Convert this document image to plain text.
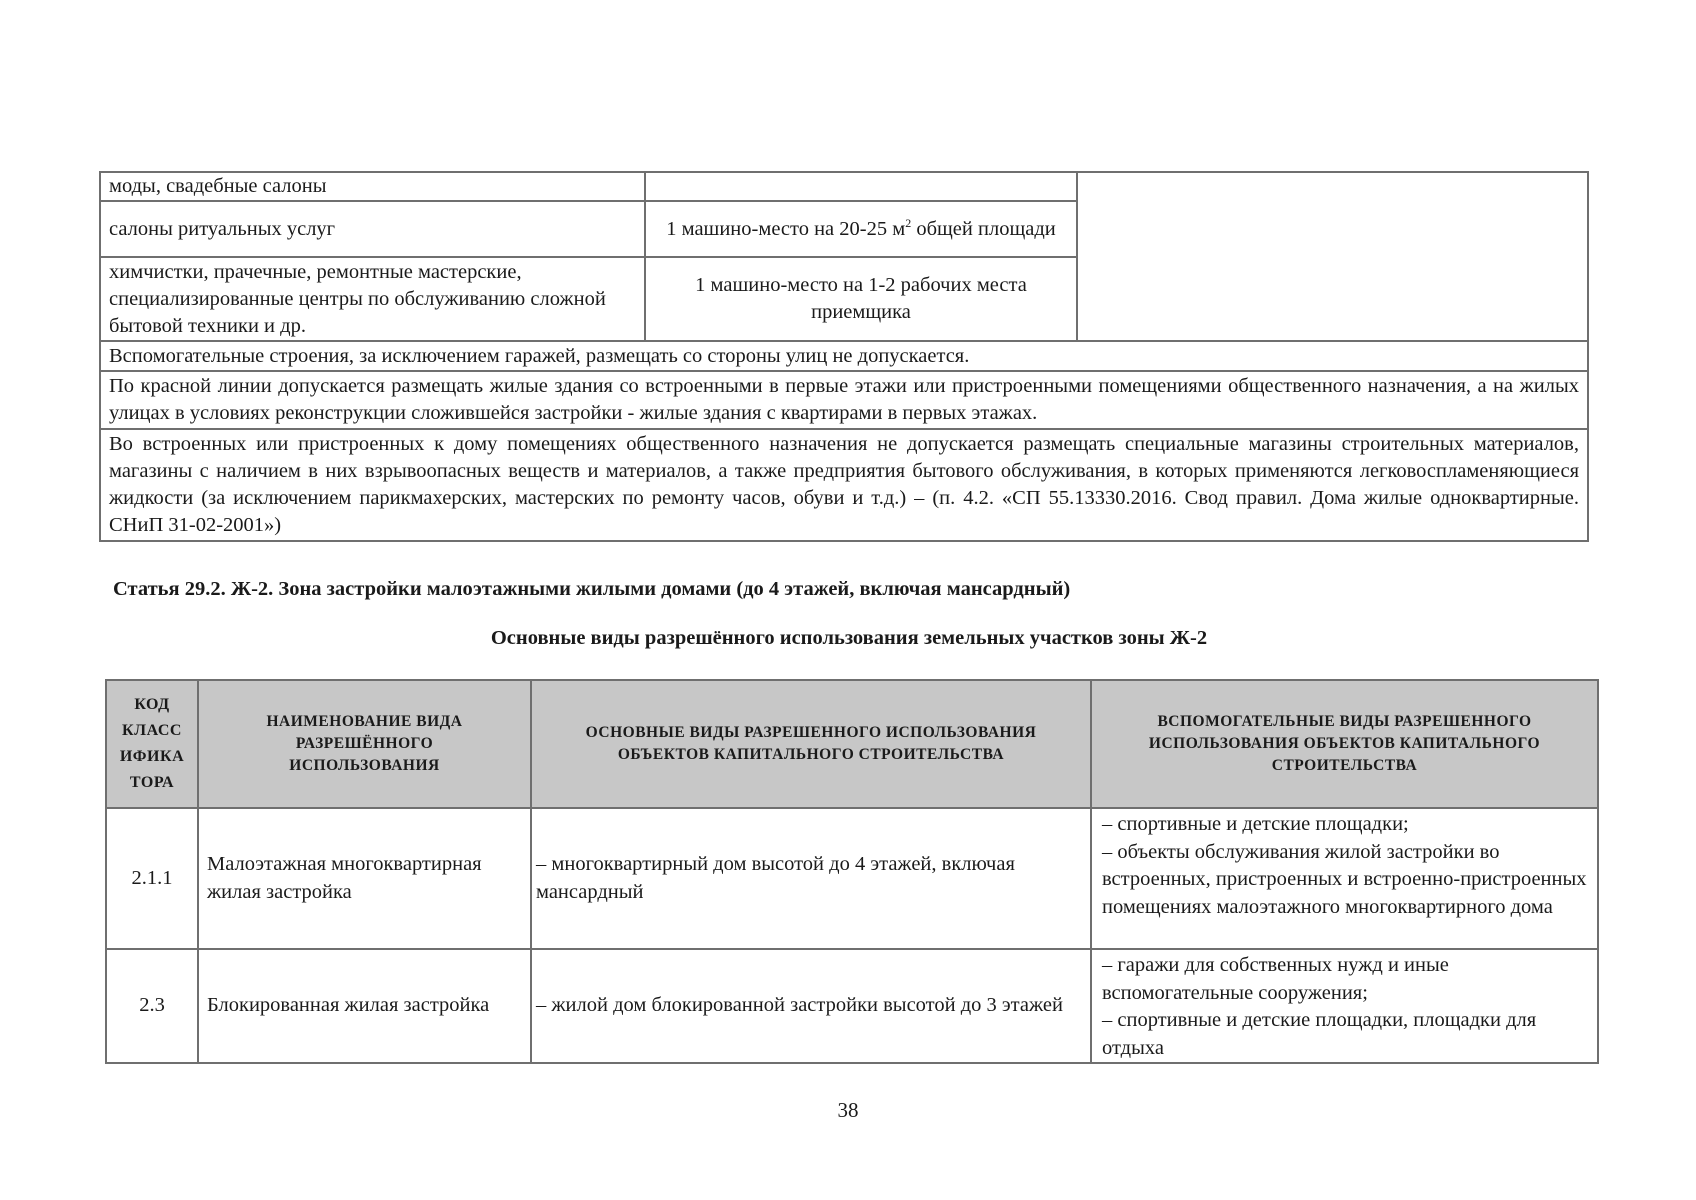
моды, свадебные салоны		
салоны ритуальных услуг	1 машино-место на 20-25 $м^2$ общей площади	
химчистки, прачечные, ремонтные мастерские, специализированные центры по обслуживанию сложной бытовой техники и др.	1 машино-место на 1-2 рабочих места приемщика	
Вспомогательные строения, за исключением гаражей, размещать со стороны улиц не допускается.		
По красной линии допускается размещать жилые здания со встроенными в первые этажи или пристроенными помещениями общественного назначения, а на жилых улицах в условиях реконструкции сложившейся застройки - жилые здания с квартирами в первых этажах.		
Во встроенных или пристроенных к дому помещениях общественного назначения не допускается размещать специальные магазины строительных материалов, магазины с наличием в них взрывоопасных веществ и материалов, а также предприятия бытового обслуживания, в которых применяются легковоспламеняющиеся жидкости (за исключением парикмахерских, мастерских по ремонту часов, обуви и т.д.) – (п. 4.2. «СП 55.13330.2016. Свод правил. Дома жилые одноквартирные. СНиП 31-02-2001»)		

Статья 29.2. Ж-2. Зона застройки малоэтажными жилыми домами (до 4 этажей, включая мансардный)

Основные виды разрешённого использования земельных участков зоны Ж-2

КОД
КЛАСС
ИФИКА
ТОРА	НАИМЕНОВАНИЕ ВИДА РАЗРЕШЁННОГО ИСПОЛЬЗОВАНИЯ	ОСНОВНЫЕ ВИДЫ РАЗРЕШЕННОГО ИСПОЛЬЗОВАНИЯ ОБЪЕКТОВ КАПИТАЛЬНОГО СТРОИТЕЛЬСТВА	ВСПОМОГАТЕЛЬНЫЕ ВИДЫ РАЗРЕШЕННОГО ИСПОЛЬЗОВАНИЯ ОБЪЕКТОВ КАПИТАЛЬНОГО СТРОИТЕЛЬСТВА
2.1.1	Малоэтажная многоквартирная жилая застройка	– многоквартирный дом высотой до 4 этажей, включая мансардный	– спортивные и детские площадки;
– объекты обслуживания жилой застройки во встроенных, пристроенных и встроенно-пристроенных помещениях малоэтажного многоквартирного дома

2.3	Блокированная жилая застройка	– жилой дом блокированной застройки высотой до 3 этажей	– гаражи для собственных нужд и иные вспомогательные сооружения;
– спортивные и детские площадки, площадки для отдыха
38
